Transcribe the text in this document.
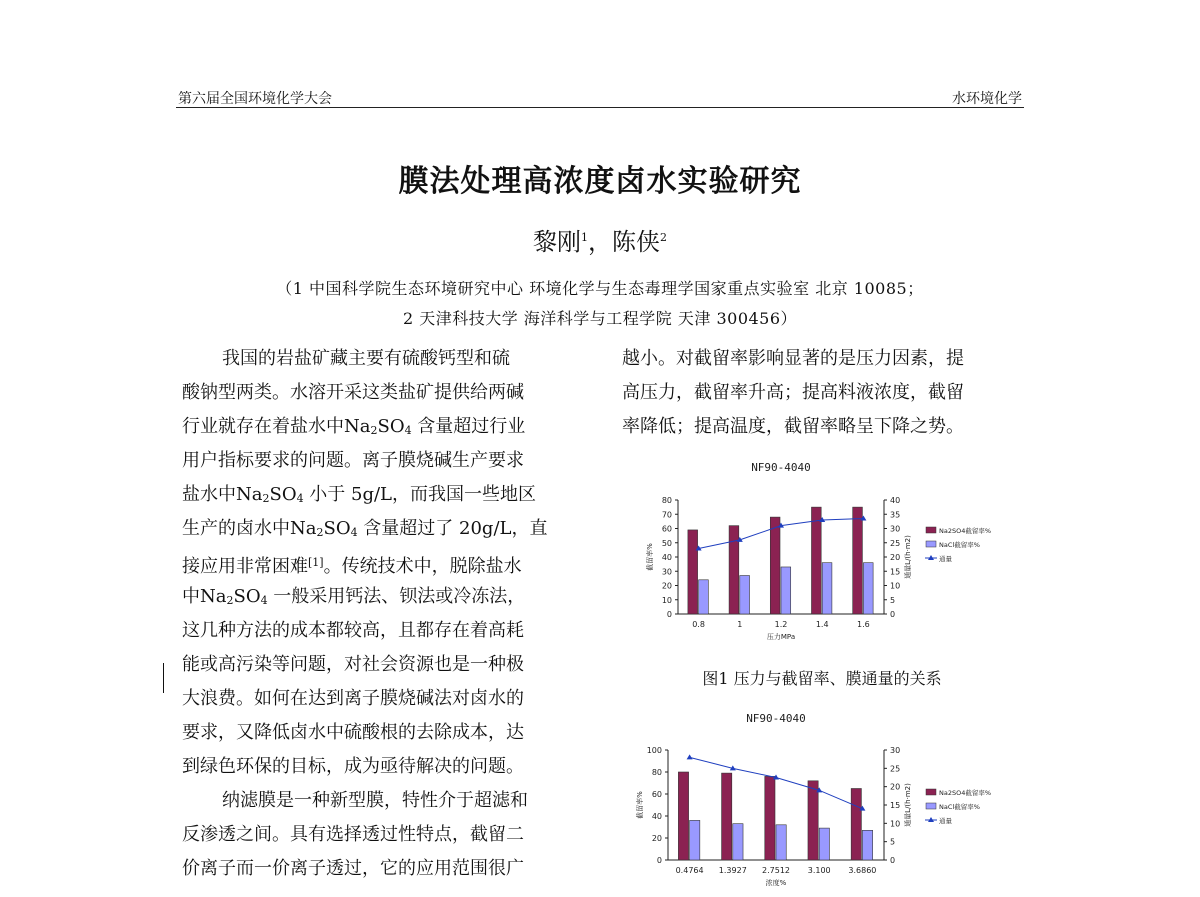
第六届全国环境化学大会	水环境化学
膜法处理高浓度卤水实验研究
黎刚$^1$，陈侠$^2$
（1 中国科学院生态环境研究中心 环境化学与生态毒理学国家重点实验室 北京 10085；
2 天津科技大学 海洋科学与工程学院 天津 300456）
我国的岩盐矿藏主要有硫酸钙型和硫
酸钠型两类。水溶开采这类盐矿提供给两碱
行业就存在着盐水中$Na_2SO_4$ 含量超过行业
用户指标要求的问题。离子膜烧碱生产要求
盐水中$Na_2SO_4$ 小于 5g/L，而我国一些地区
生产的卤水中$Na_2SO_4$ 含量超过了 20g/L，直
接应用非常困难[1]。传统技术中，脱除盐水
中$Na_2SO_4$ 一般采用钙法、钡法或冷冻法，
这几种方法的成本都较高，且都存在着高耗
能或高污染等问题，对社会资源也是一种极
大浪费。如何在达到离子膜烧碱法对卤水的
要求，又降低卤水中硫酸根的去除成本，达
到绿色环保的目标，成为亟待解决的问题。
纳滤膜是一种新型膜，特性介于超滤和
反渗透之间。具有选择透过性特点，截留二
价离子而一价离子透过，它的应用范围很广
越小。对截留率影响显著的是压力因素，提
高压力，截留率升高；提高料液浓度，截留
率降低；提高温度，截留率略呈下降之势。
NF90-4040
0
10
20
30
40
50
60
70
80
0
5
10
15
20
25
30
35
40
0.8	1	1.2	1.4	1.6
压力MPa
截留率%	通量L/(h·m2)
Na2SO4截留率%
NaCl截留率%
通量
图1 压力与截留率、膜通量的关系
NF90-4040
0
20
40
60
80
100
0
5
10
15
20
25
30
0.4764 1.3927 2.7512 3.100 3.6860
浓度%
截留率%	通量L/(h·m2)	Na2SO4截留率%
NaCl截留率%
通量
